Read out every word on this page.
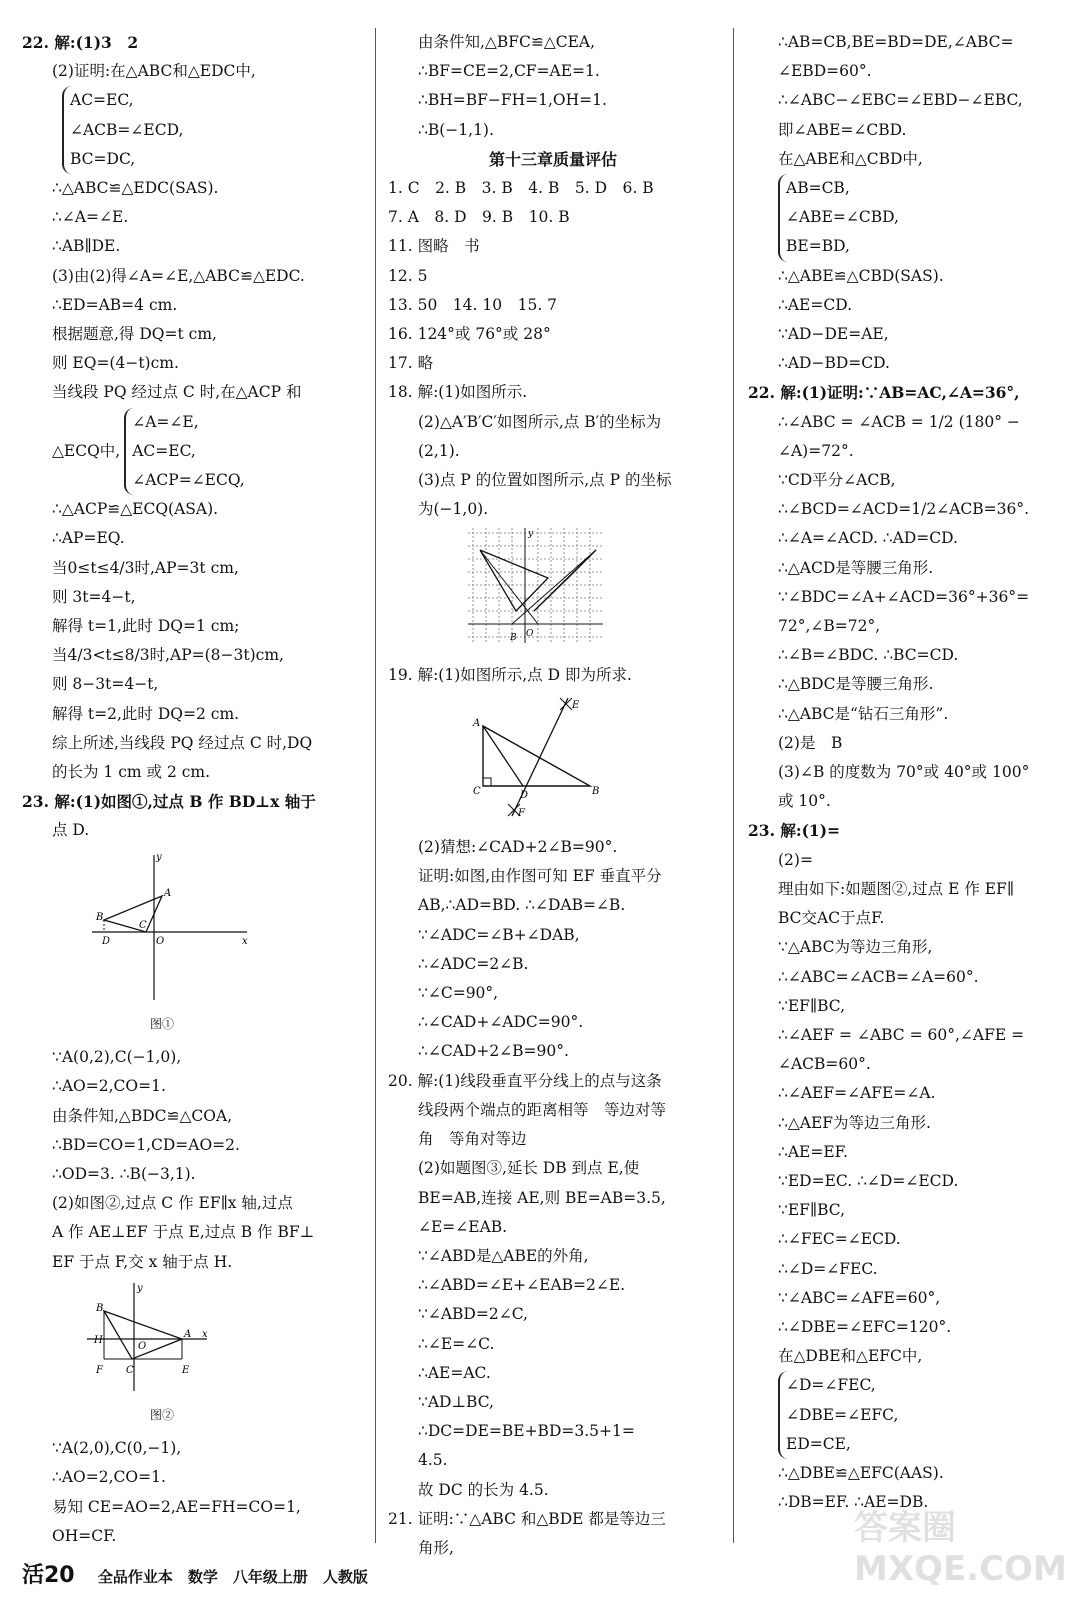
22. 解:(1)3　2
(2)证明:在△ABC和△EDC中,
AC=EC,
∠ACB=∠ECD,
BC=DC,
∴△ABC≌△EDC(SAS).
∴∠A=∠E.
∴AB∥DE.
(3)由(2)得∠A=∠E,△ABC≌△EDC.
∴ED=AB=4 cm.
根据题意,得 DQ=t cm,
则 EQ=(4−t)cm.
当线段 PQ 经过点 C 时,在△ACP 和
△ECQ中,
∠A=∠E,
AC=EC,
∠ACP=∠ECQ,
∴△ACP≌△ECQ(ASA).
∴AP=EQ.
当0≤t≤4/3时,AP=3t cm,
则 3t=4−t,
解得 t=1,此时 DQ=1 cm;
当4/3<t≤8/3时,AP=(8−3t)cm,
则 8−3t=4−t,
解得 t=2,此时 DQ=2 cm.
综上所述,当线段 PQ 经过点 C 时,DQ
的长为 1 cm 或 2 cm.
23. 解:(1)如图①,过点 B 作 BD⊥x 轴于
点 D.
B
A
C
D	O	x
y
图①
∵A(0,2),C(−1,0),
∴AO=2,CO=1.
由条件知,△BDC≌△COA,
∴BD=CO=1,CD=AO=2.
∴OD=3. ∴B(−3,1).
(2)如图②,过点 C 作 EF∥x 轴,过点
A 作 AE⊥EF 于点 E,过点 B 作 BF⊥
EF 于点 F,交 x 轴于点 H.
B
A
C
H
O
F	E
x
y
图②
∵A(2,0),C(0,−1),
∴AO=2,CO=1.
易知 CE=AO=2,AE=FH=CO=1,
OH=CF.
由条件知,△BFC≌△CEA,
∴BF=CE=2,CF=AE=1.
∴BH=BF−FH=1,OH=1.
∴B(−1,1).
第十三章质量评估
1. C　2. B　3. B　4. B　5. D　6. B
7. A　8. D　9. B　10. B
11. 图略　书
12. 5
13. 50　14. 10　15. 7
16. 124°或 76°或 28°
17. 略
18. 解:(1)如图所示.
(2)△A′B′C′如图所示,点 B′的坐标为
(2,1).
(3)点 P 的位置如图所示,点 P 的坐标
为(−1,0).
y
B O
19. 解:(1)如图所示,点 D 即为所求.
A
C	D	B
E
F
(2)猜想:∠CAD+2∠B=90°.
证明:如图,由作图可知 EF 垂直平分
AB,∴AD=BD. ∴∠DAB=∠B.
∵∠ADC=∠B+∠DAB,
∴∠ADC=2∠B.
∵∠C=90°,
∴∠CAD+∠ADC=90°.
∴∠CAD+2∠B=90°.
20. 解:(1)线段垂直平分线上的点与这条
线段两个端点的距离相等　等边对等
角　等角对等边
(2)如题图③,延长 DB 到点 E,使
BE=AB,连接 AE,则 BE=AB=3.5,
∠E=∠EAB.
∵∠ABD是△ABE的外角,
∴∠ABD=∠E+∠EAB=2∠E.
∵∠ABD=2∠C,
∴∠E=∠C.
∴AE=AC.
∵AD⊥BC,
∴DC=DE=BE+BD=3.5+1=
4.5.
故 DC 的长为 4.5.
21. 证明:∵△ABC 和△BDE 都是等边三
角形,
∴AB=CB,BE=BD=DE,∠ABC=
∠EBD=60°.
∴∠ABC−∠EBC=∠EBD−∠EBC,
即∠ABE=∠CBD.
在△ABE和△CBD中,
AB=CB,
∠ABE=∠CBD,
BE=BD,
∴△ABE≌△CBD(SAS).
∴AE=CD.
∵AD−DE=AE,
∴AD−BD=CD.
22. 解:(1)证明:∵AB=AC,∠A=36°,
∴∠ABC = ∠ACB = 1/2 (180° −
∠A)=72°.
∵CD平分∠ACB,
∴∠BCD=∠ACD=1/2∠ACB=36°.
∴∠A=∠ACD. ∴AD=CD.
∴△ACD是等腰三角形.
∵∠BDC=∠A+∠ACD=36°+36°=
72°,∠B=72°,
∴∠B=∠BDC. ∴BC=CD.
∴△BDC是等腰三角形.
∴△ABC是“钻石三角形”.
(2)是　B
(3)∠B 的度数为 70°或 40°或 100°
或 10°.
23. 解:(1)=
(2)=
理由如下:如题图②,过点 E 作 EF∥
BC交AC于点F.
∵△ABC为等边三角形,
∴∠ABC=∠ACB=∠A=60°.
∵EF∥BC,
∴∠AEF = ∠ABC = 60°,∠AFE =
∠ACB=60°.
∴∠AEF=∠AFE=∠A.
∴△AEF为等边三角形.
∴AE=EF.
∵ED=EC. ∴∠D=∠ECD.
∵EF∥BC,
∴∠FEC=∠ECD.
∴∠D=∠FEC.
∵∠ABC=∠AFE=60°,
∴∠DBE=∠EFC=120°.
在△DBE和△EFC中,
∠D=∠FEC,
∠DBE=∠EFC,
ED=CE,
∴△DBE≌△EFC(AAS).
∴DB=EF. ∴AE=DB.
活20 全品作业本　数学　八年级上册　人教版
答案圈 MXQE.COM
